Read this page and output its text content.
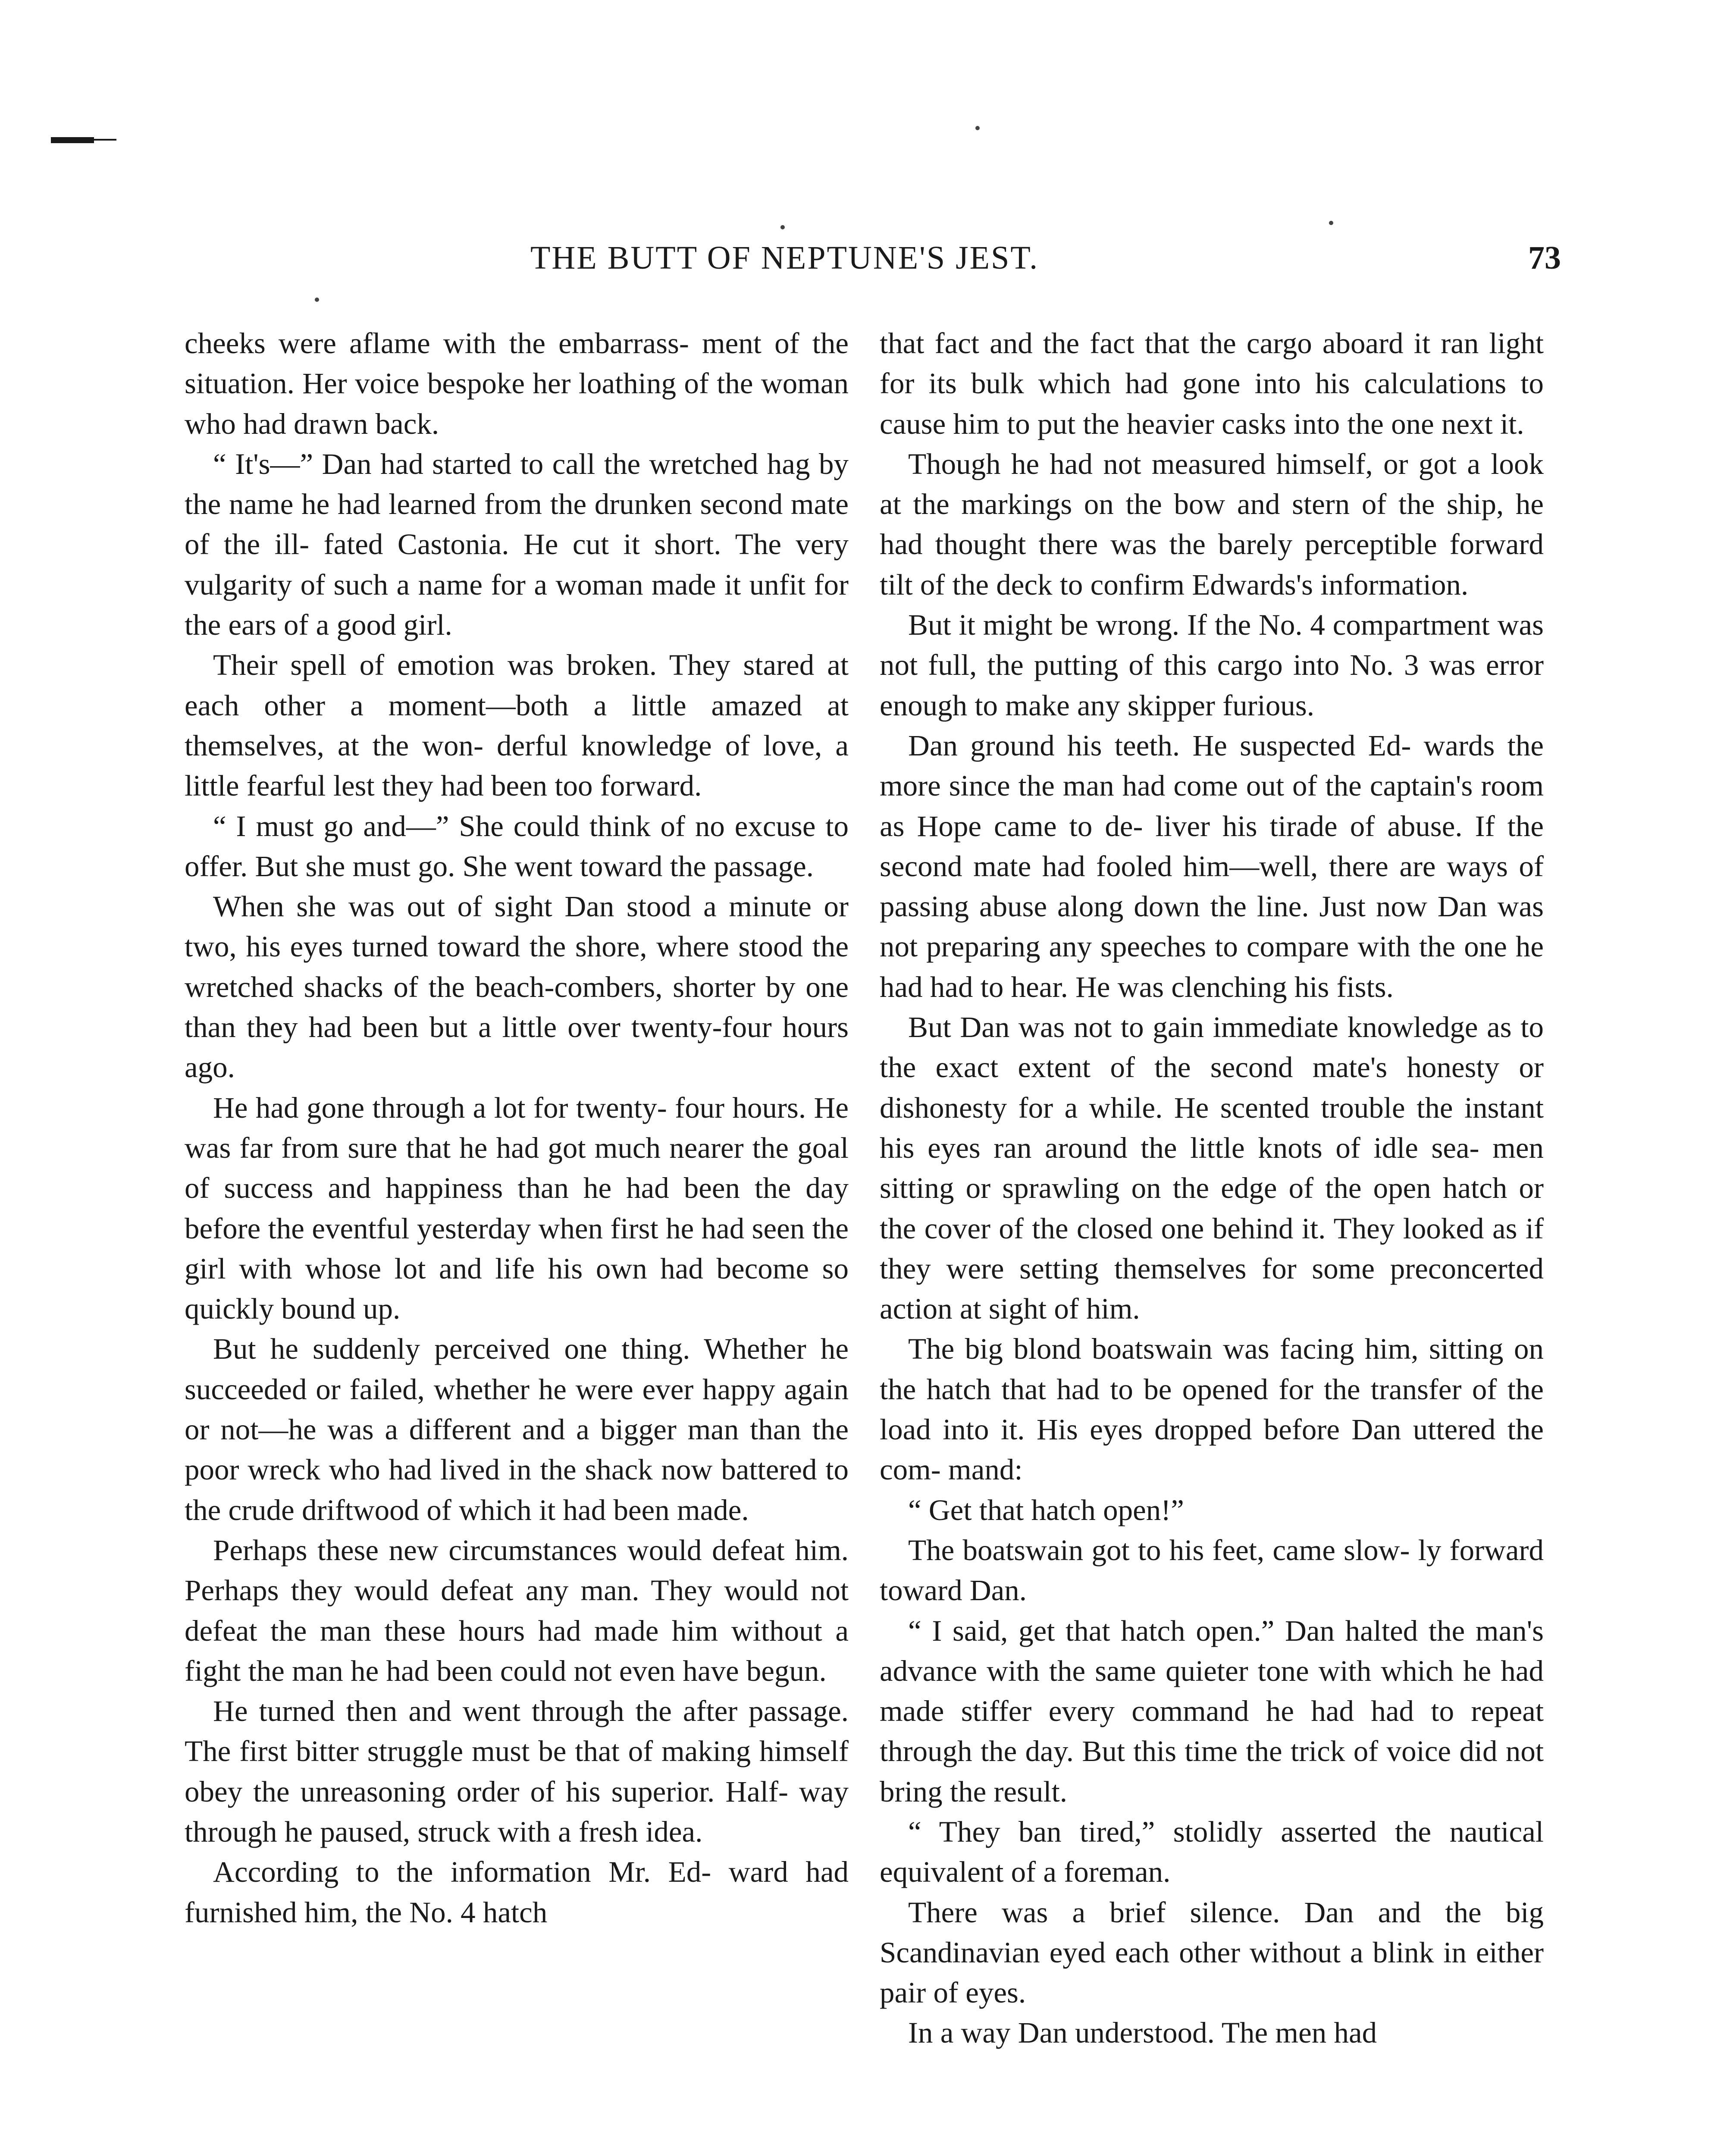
THE BUTT OF NEPTUNE'S JEST.	73

cheeks were aflame with the embarrass- ment of the situation. Her voice bespoke her loathing of the woman who had drawn back.

“ It's—” Dan had started to call the wretched hag by the name he had learned from the drunken second mate of the ill- fated Castonia. He cut it short. The very vulgarity of such a name for a woman made it unfit for the ears of a good girl.

Their spell of emotion was broken. They stared at each other a moment—both a little amazed at themselves, at the won- derful knowledge of love, a little fearful lest they had been too forward.

“ I must go and—” She could think of no excuse to offer. But she must go. She went toward the passage.

When she was out of sight Dan stood a minute or two, his eyes turned toward the shore, where stood the wretched shacks of the beach-combers, shorter by one than they had been but a little over twenty-four hours ago.

He had gone through a lot for twenty- four hours. He was far from sure that he had got much nearer the goal of success and happiness than he had been the day before the eventful yesterday when first he had seen the girl with whose lot and life his own had become so quickly bound up.

But he suddenly perceived one thing. Whether he succeeded or failed, whether he were ever happy again or not—he was a different and a bigger man than the poor wreck who had lived in the shack now battered to the crude driftwood of which it had been made.

Perhaps these new circumstances would defeat him. Perhaps they would defeat any man. They would not defeat the man these hours had made him without a fight the man he had been could not even have begun.

He turned then and went through the after passage. The first bitter struggle must be that of making himself obey the unreasoning order of his superior. Half- way through he paused, struck with a fresh idea.

According to the information Mr. Ed- ward had furnished him, the No. 4 hatch

that fact and the fact that the cargo aboard it ran light for its bulk which had gone into his calculations to cause him to put the heavier casks into the one next it.

Though he had not measured himself, or got a look at the markings on the bow and stern of the ship, he had thought there was the barely perceptible forward tilt of the deck to confirm Edwards's information.

But it might be wrong. If the No. 4 compartment was not full, the putting of this cargo into No. 3 was error enough to make any skipper furious.

Dan ground his teeth. He suspected Ed- wards the more since the man had come out of the captain's room as Hope came to de- liver his tirade of abuse. If the second mate had fooled him—well, there are ways of passing abuse along down the line. Just now Dan was not preparing any speeches to compare with the one he had had to hear. He was clenching his fists.

But Dan was not to gain immediate knowledge as to the exact extent of the second mate's honesty or dishonesty for a while. He scented trouble the instant his eyes ran around the little knots of idle sea- men sitting or sprawling on the edge of the open hatch or the cover of the closed one behind it. They looked as if they were setting themselves for some preconcerted action at sight of him.

The big blond boatswain was facing him, sitting on the hatch that had to be opened for the transfer of the load into it. His eyes dropped before Dan uttered the com- mand:

“ Get that hatch open!”

The boatswain got to his feet, came slow- ly forward toward Dan.

“ I said, get that hatch open.” Dan halted the man's advance with the same quieter tone with which he had made stiffer every command he had had to repeat through the day. But this time the trick of voice did not bring the result.

“ They ban tired,” stolidly asserted the nautical equivalent of a foreman.

There was a brief silence. Dan and the big Scandinavian eyed each other without a blink in either pair of eyes.

In a way Dan understood. The men had
